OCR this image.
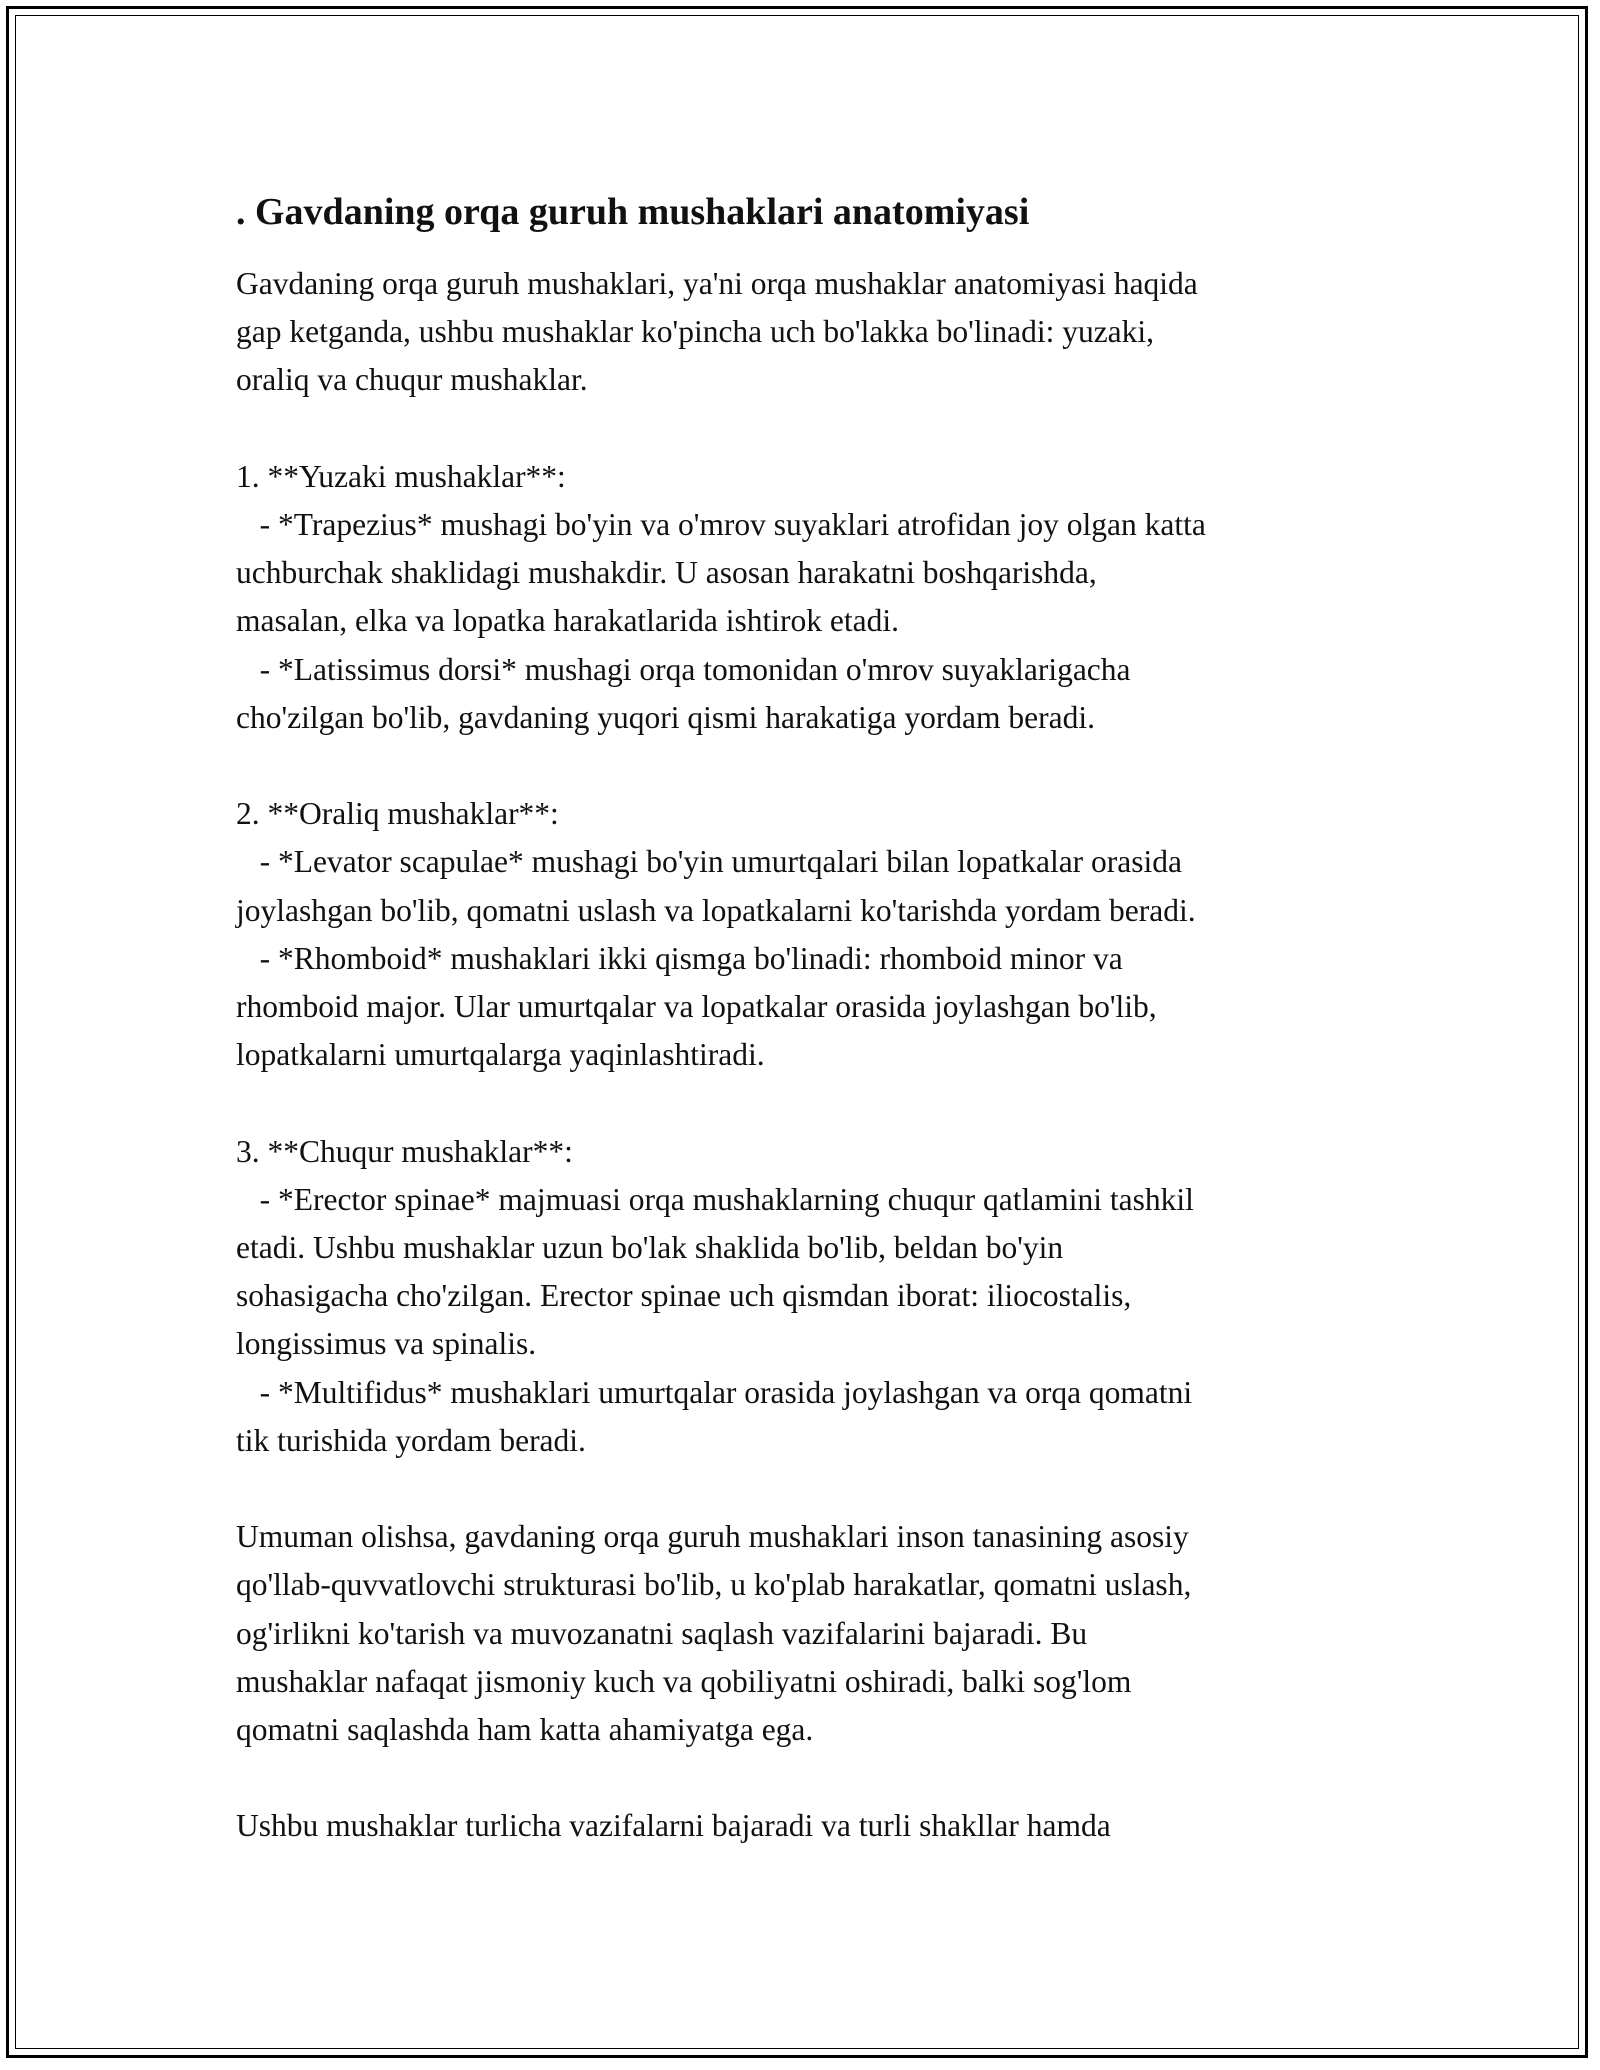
. Gavdaning orqa guruh mushaklari anatomiyasi
Gavdaning orqa guruh mushaklari, ya'ni orqa mushaklar anatomiyasi haqida
gap ketganda, ushbu mushaklar ko'pincha uch bo'lakka bo'linadi: yuzaki,
oraliq va chuqur mushaklar.
1. **Yuzaki mushaklar**:
- *Trapezius* mushagi bo'yin va o'mrov suyaklari atrofidan joy olgan katta
uchburchak shaklidagi mushakdir. U asosan harakatni boshqarishda,
masalan, elka va lopatka harakatlarida ishtirok etadi.
- *Latissimus dorsi* mushagi orqa tomonidan o'mrov suyaklarigacha
cho'zilgan bo'lib, gavdaning yuqori qismi harakatiga yordam beradi.
2. **Oraliq mushaklar**:
- *Levator scapulae* mushagi bo'yin umurtqalari bilan lopatkalar orasida
joylashgan bo'lib, qomatni uslash va lopatkalarni ko'tarishda yordam beradi.
- *Rhomboid* mushaklari ikki qismga bo'linadi: rhomboid minor va
rhomboid major. Ular umurtqalar va lopatkalar orasida joylashgan bo'lib,
lopatkalarni umurtqalarga yaqinlashtiradi.
3. **Chuqur mushaklar**:
- *Erector spinae* majmuasi orqa mushaklarning chuqur qatlamini tashkil
etadi. Ushbu mushaklar uzun bo'lak shaklida bo'lib, beldan bo'yin
sohasigacha cho'zilgan. Erector spinae uch qismdan iborat: iliocostalis,
longissimus va spinalis.
- *Multifidus* mushaklari umurtqalar orasida joylashgan va orqa qomatni
tik turishida yordam beradi.
Umuman olishsa, gavdaning orqa guruh mushaklari inson tanasining asosiy
qo'llab-quvvatlovchi strukturasi bo'lib, u ko'plab harakatlar, qomatni uslash,
og'irlikni ko'tarish va muvozanatni saqlash vazifalarini bajaradi. Bu
mushaklar nafaqat jismoniy kuch va qobiliyatni oshiradi, balki sog'lom
qomatni saqlashda ham katta ahamiyatga ega.
Ushbu mushaklar turlicha vazifalarni bajaradi va turli shakllar hamda
